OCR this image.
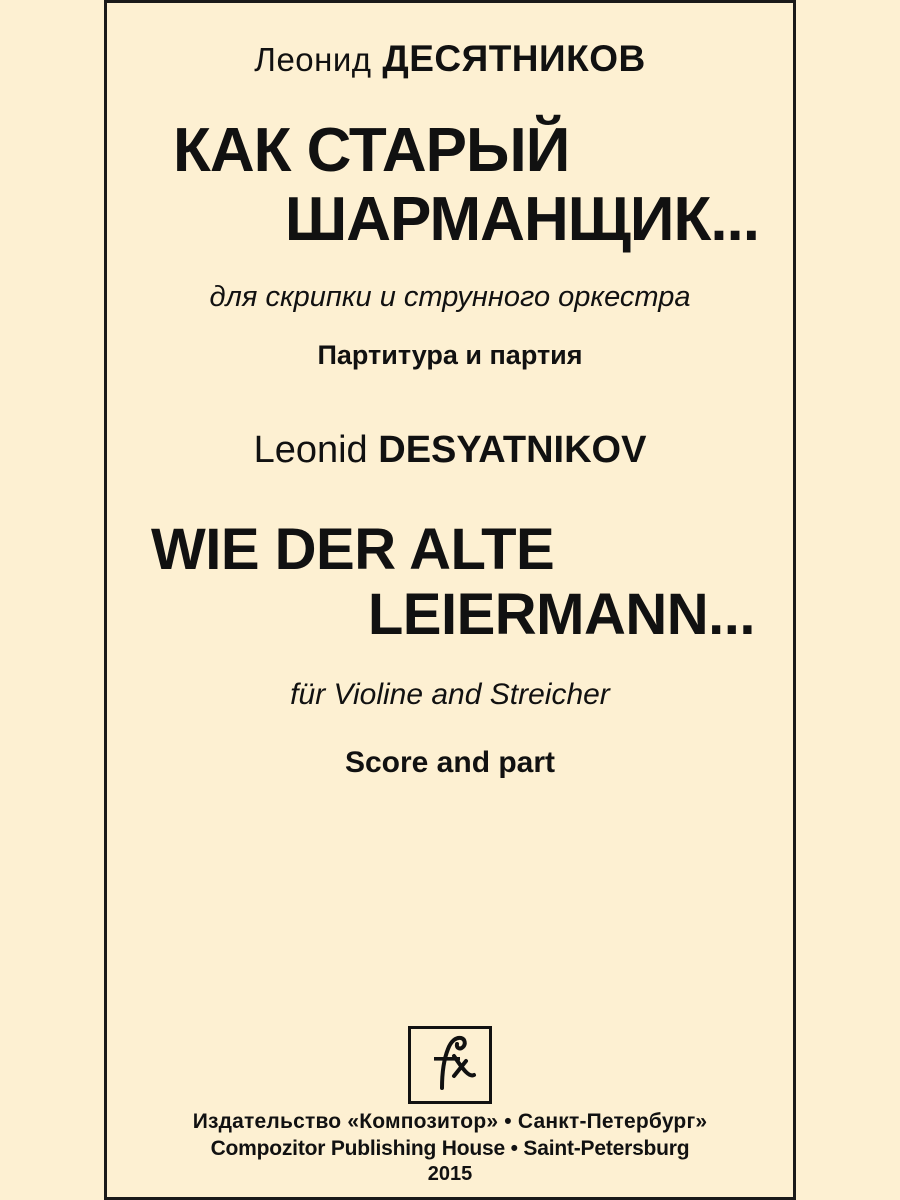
Леонид ДЕСЯТНИКОВ
КАК СТАРЫЙ
ШАРМАНЩИК...
для скрипки и струнного оркестра
Партитура и партия
Leonid DESYATNIKOV
WIE DER ALTE
LEIERMANN...
für Violine and Streicher
Score and part
Издательство «Композитор» • Санкт-Петербург»
Compozitor Publishing House • Saint-Petersburg
2015
